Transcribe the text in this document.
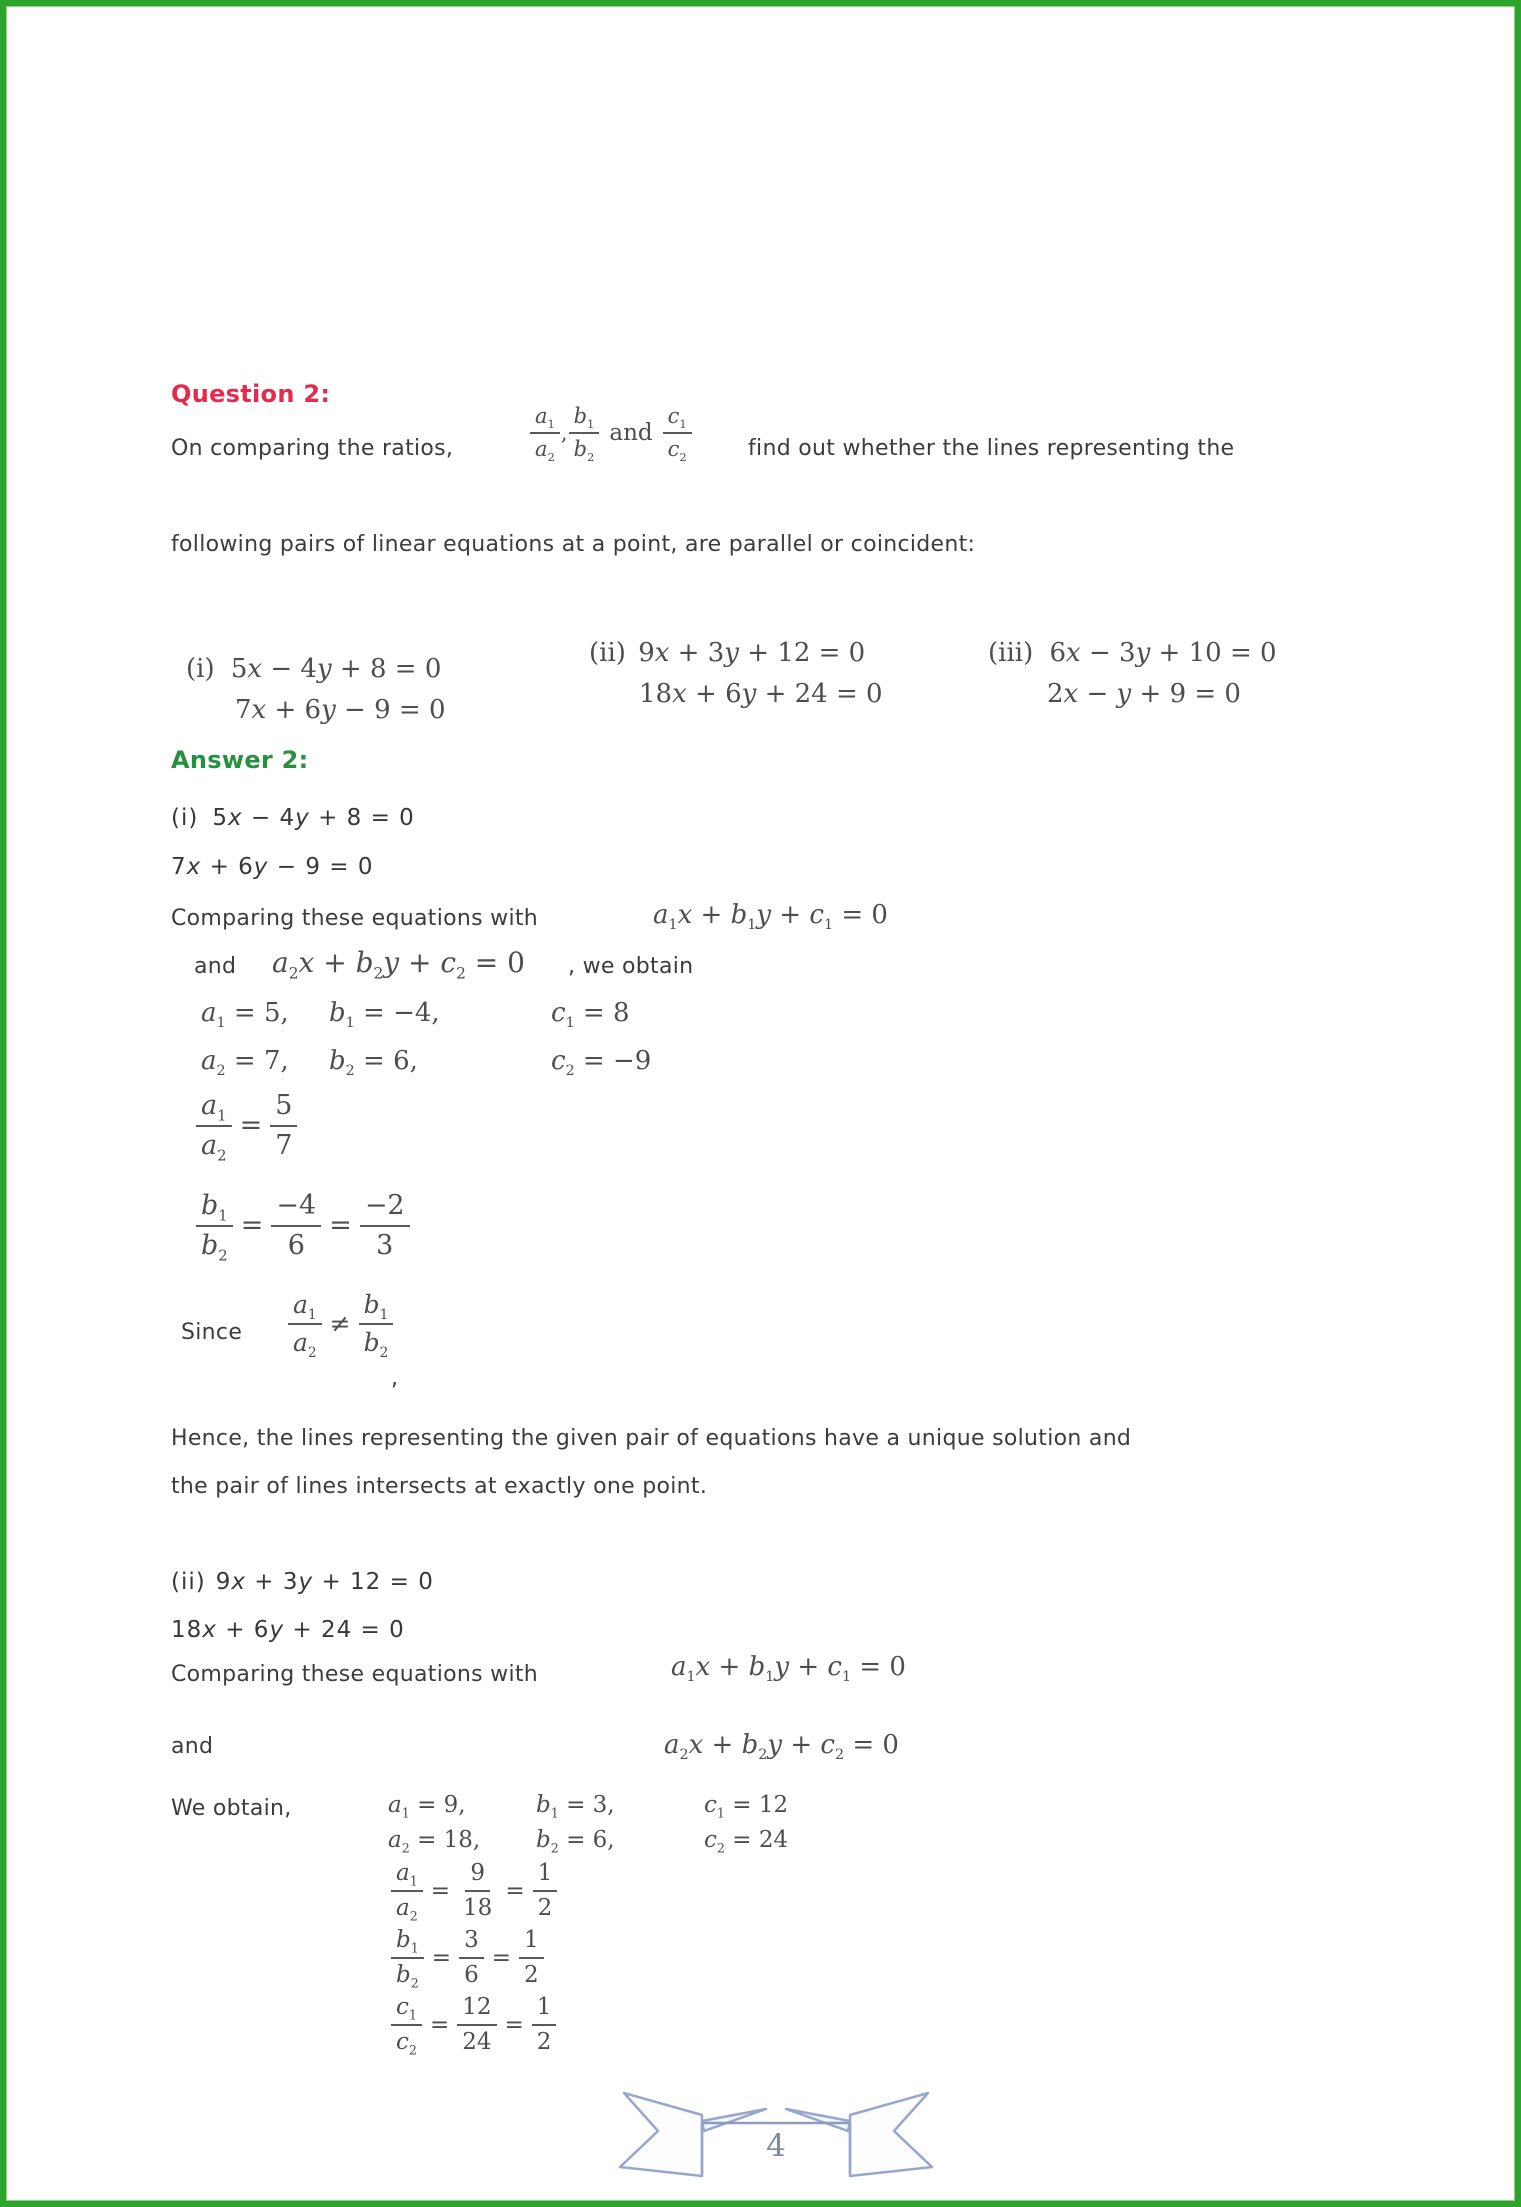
Question 2:
On comparing the ratios,	$\frac{a_1}{a_2}$ , $\frac{b_1}{b_2}$ and $\frac{c_1}{c_2}$	find out whether the lines representing the
following pairs of linear equations at a point, are parallel or coincident:
(i) 5x − 4y + 8 = 0
7x + 6y − 9 = 0
(ii) 9x + 3y + 12 = 0
18x + 6y + 24 = 0
(iii) 6x − 3y + 10 = 0
2x − y + 9 = 0
Answer 2:
(i) 5x − 4y + 8 = 0
7x + 6y − 9 = 0
Comparing these equations with	$a_1x + b_1y + c_1 = 0$
and $a_2x + b_2y + c_2 = 0$ , we obtain
$a_1 = 5$,	$b_1 = -4$,	$c_1 = 8$
$a_2 = 7$,	$b_2 = 6$,	$c_2 = -9$
$\frac{a_1}{a_2} = \frac{5}{7}$
$\frac{b_1}{b_2} = \frac{-4}{6} = \frac{-2}{3}$
Since $\frac{a_1}{a_2} \ne \frac{b_1}{b_2}$
,
Hence, the lines representing the given pair of equations have a unique solution and
the pair of lines intersects at exactly one point.
(ii) 9x + 3y + 12 = 0
18x + 6y + 24 = 0
Comparing these equations with	$a_1x + b_1y + c_1 = 0$
and	$a_2x + b_2y + c_2 = 0$
We obtain,	$a_1 = 9$,	$b_1 = 3$,	$c_1 = 12$
$a_2 = 18$,	$b_2 = 6$,	$c_2 = 24$
$\frac{a_1}{a_2} = \frac{9}{18} = \frac{1}{2}$
$\frac{b_1}{b_2} = \frac{3}{6} = \frac{1}{2}$
$\frac{c_1}{c_2} = \frac{12}{24} = \frac{1}{2}$
4
